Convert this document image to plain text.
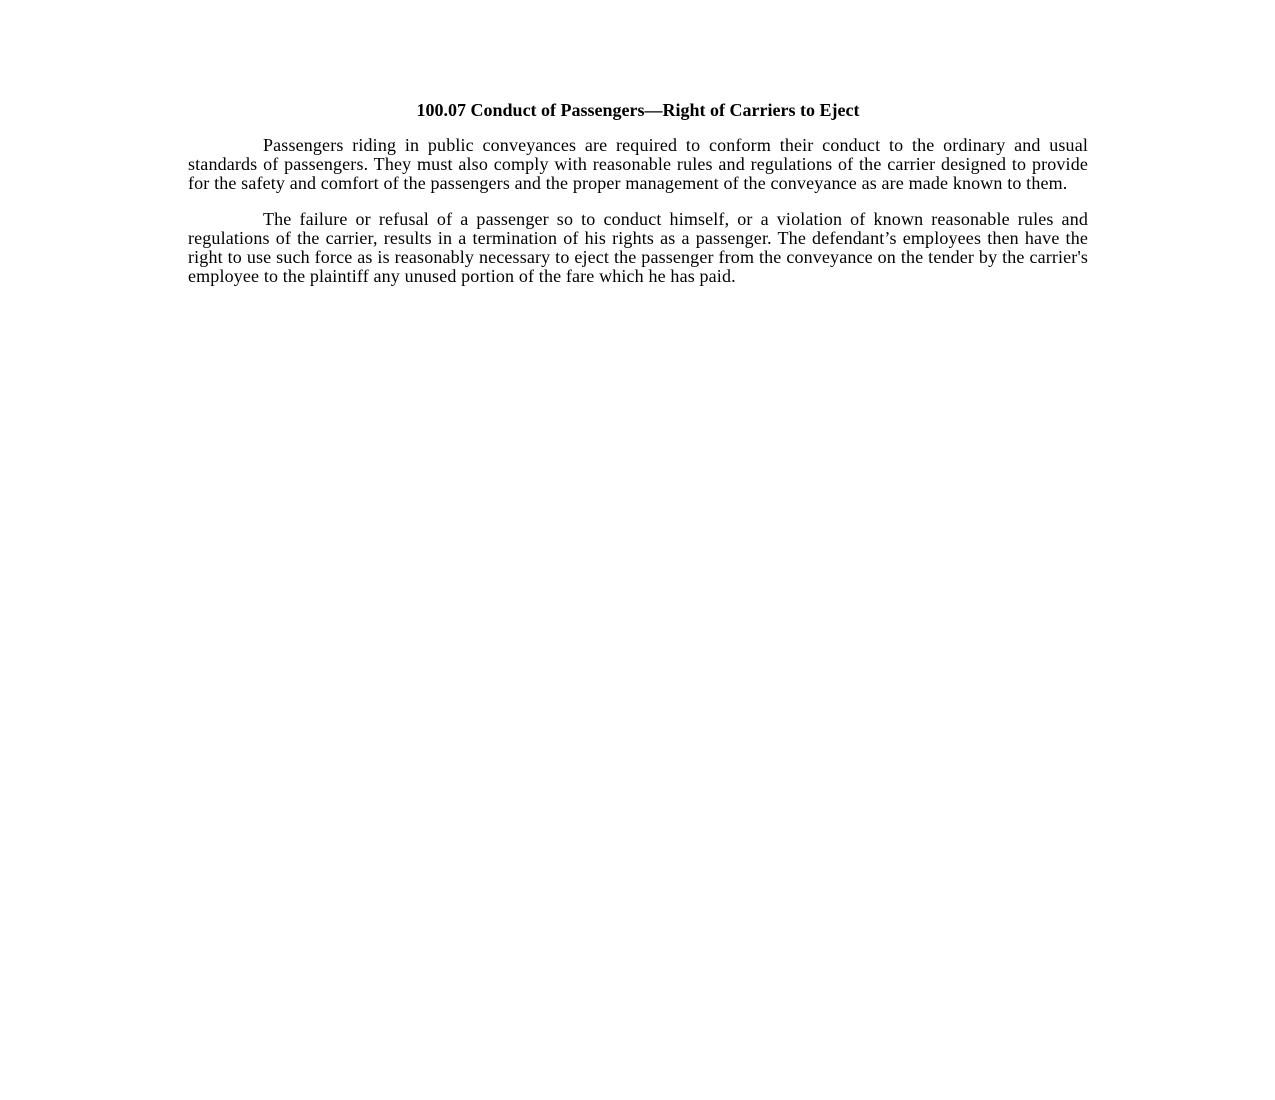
100.07 Conduct of Passengers—Right of Carriers to Eject

Passengers riding in public conveyances are required to conform their conduct to the ordinary and usual standards of passengers. They must also comply with reasonable rules and regulations of the carrier designed to provide for the safety and comfort of the passengers and the proper management of the conveyance as are made known to them.

The failure or refusal of a passenger so to conduct himself, or a violation of known reasonable rules and regulations of the carrier, results in a termination of his rights as a passenger. The defendant’s employees then have the right to use such force as is reasonably necessary to eject the passenger from the conveyance on the tender by the carrier's employee to the plaintiff any unused portion of the fare which he has paid.
